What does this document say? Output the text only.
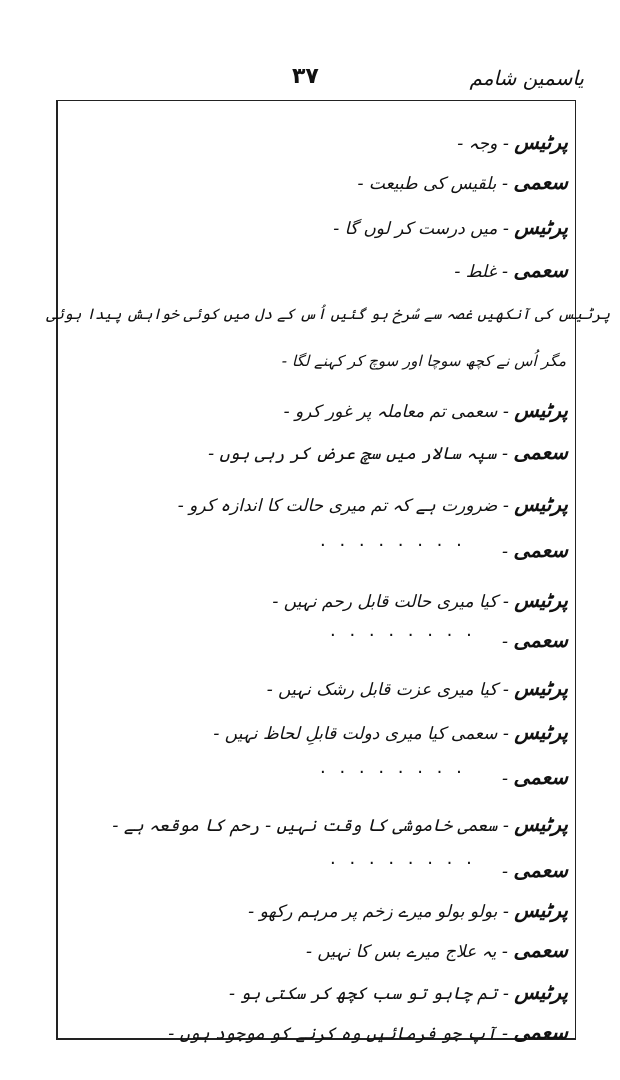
یاسمین شامم
۳۷
پرٹیس - وجہ -
سعمی - بلقیس کی طبیعت -
پرٹیس - میں درست کر لوں گا -
سعمی - غلط -
پرٹیس کی آنکھیں غصہ سے سُرخ ہو گئیں اُس کے دل میں کوئی خواہش پیدا ہوئی
مگر اُس نے کچھ سوچا اور سوچ کر کہنے لگا -
پرٹیس - سعمی تم معاملہ پر غور کرو -
سعمی - سپہ سالار میں سچ عرض کر رہی ہوں -
پرٹیس - ضرورت ہے کہ تم میری حالت کا اندازہ کرو -
سعمی -
. . . . . . . .
پرٹیس - کیا میری حالت قابل رحم نہیں -
سعمی -
. . . . . . . .
پرٹیس - کیا میری عزت قابل رشک نہیں -
پرٹیس - سعمی کیا میری دولت قابلِ لحاظ نہیں -
سعمی -
. . . . . . . .
پرٹیس - سعمی خاموشی کا وقت نہیں - رحم کا موقعہ ہے -
سعمی -
. . . . . . . .
پرٹیس - بولو بولو میرے زخم پر مرہم رکھو -
سعمی - یہ علاج میرے بس کا نہیں -
پرٹیس - تم چاہو تو سب کچھ کر سکتی ہو -
سعمی - آپ جو فرمائیں وہ کرنے کو موجود ہوں -
